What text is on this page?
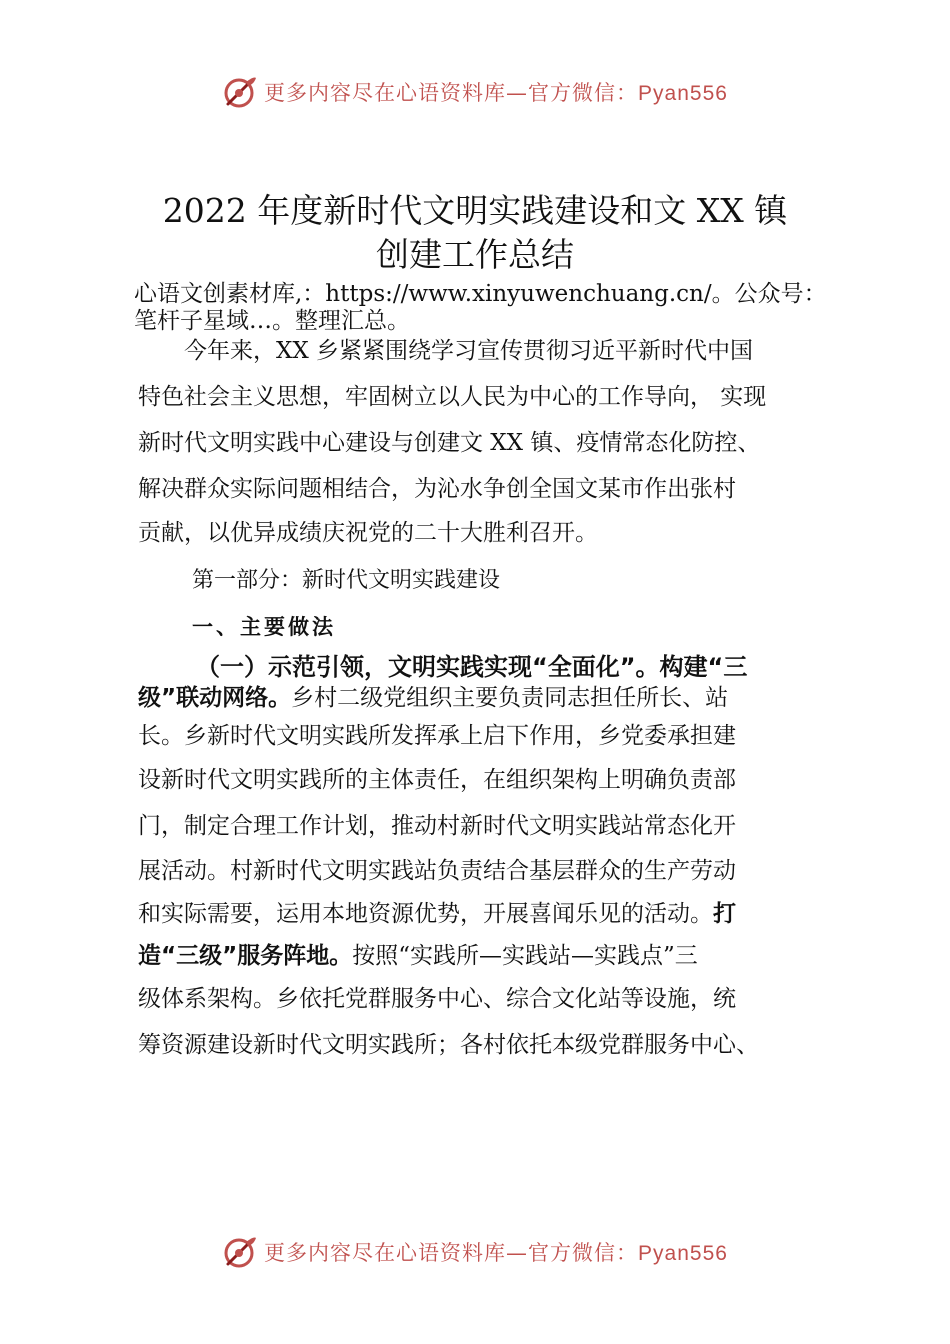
更多内容尽在心语资料库—官方微信：Pyan556
2022 年度新时代文明实践建设和文 XX 镇
创建工作总结
心语文创素材库,：https://www.xinyuwenchuang.cn/。公众号：
笔杆子星域…。整理汇总。
今年来，XX 乡紧紧围绕学习宣传贯彻习近平新时代中国
特色社会主义思想，牢固树立以人民为中心的工作导向， 实现
新时代文明实践中心建设与创建文 XX 镇、疫情常态化防控、
解决群众实际问题相结合，为沁水争创全国文某市作出张村
贡献，以优异成绩庆祝党的二十大胜利召开。
第一部分：新时代文明实践建设
一、主要做法
（一）示范引领，文明实践实现“全面化”。构建“三
级”联动网络。乡村二级党组织主要负责同志担任所长、站
长。乡新时代文明实践所发挥承上启下作用，乡党委承担建
设新时代文明实践所的主体责任，在组织架构上明确负责部
门，制定合理工作计划，推动村新时代文明实践站常态化开
展活动。村新时代文明实践站负责结合基层群众的生产劳动
和实际需要，运用本地资源优势，开展喜闻乐见的活动。打
造“三级”服务阵地。按照“实践所—实践站—实践点”三
级体系架构。乡依托党群服务中心、综合文化站等设施，统
筹资源建设新时代文明实践所；各村依托本级党群服务中心、
更多内容尽在心语资料库—官方微信：Pyan556
